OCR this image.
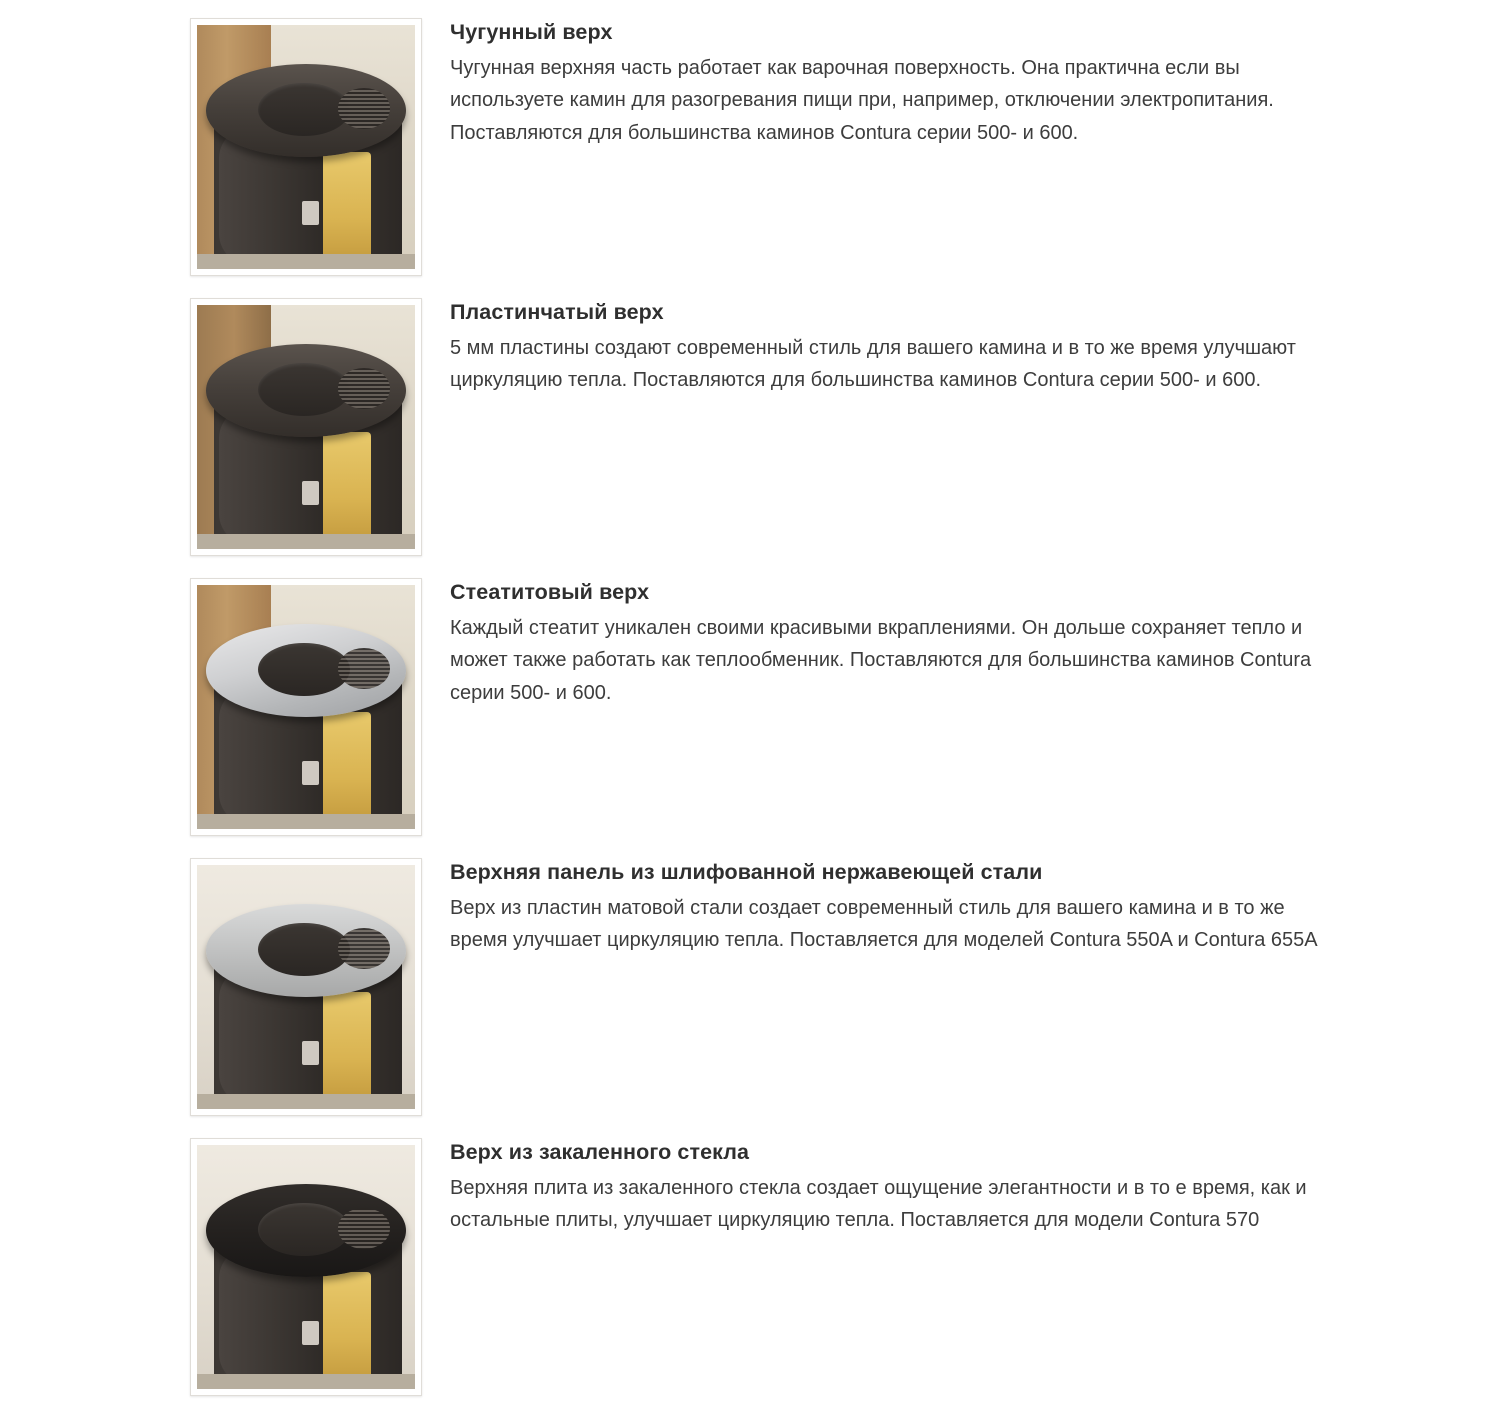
Чугунный верх

Чугунная верхняя часть работает как варочная поверхность. Она практична если вы используете камин для разогревания пищи при, например, отключении электропитания. Поставляются для большинства каминов Contura серии 500- и 600.

Пластинчатый верх

5 мм пластины создают современный стиль для вашего камина и в то же время улучшают циркуляцию тепла. Поставляются для большинства каминов Contura серии 500- и 600.

Стеатитовый верх

Каждый стеатит уникален своими красивыми вкраплениями. Он дольше сохраняет тепло и может также работать как теплообменник. Поставляются для большинства каминов Contura серии 500- и 600.

Верхняя панель из шлифованной нержавеющей стали

Верх из пластин матовой стали создает современный стиль для вашего камина и в то же время улучшает циркуляцию тепла. Поставляется для моделей Contura 550A и Contura 655A

Верх из закаленного стекла

Верхняя плита из закаленного стекла создает ощущение элегантности и в то е время, как и остальные плиты, улучшает циркуляцию тепла. Поставляется для модели Contura 570
